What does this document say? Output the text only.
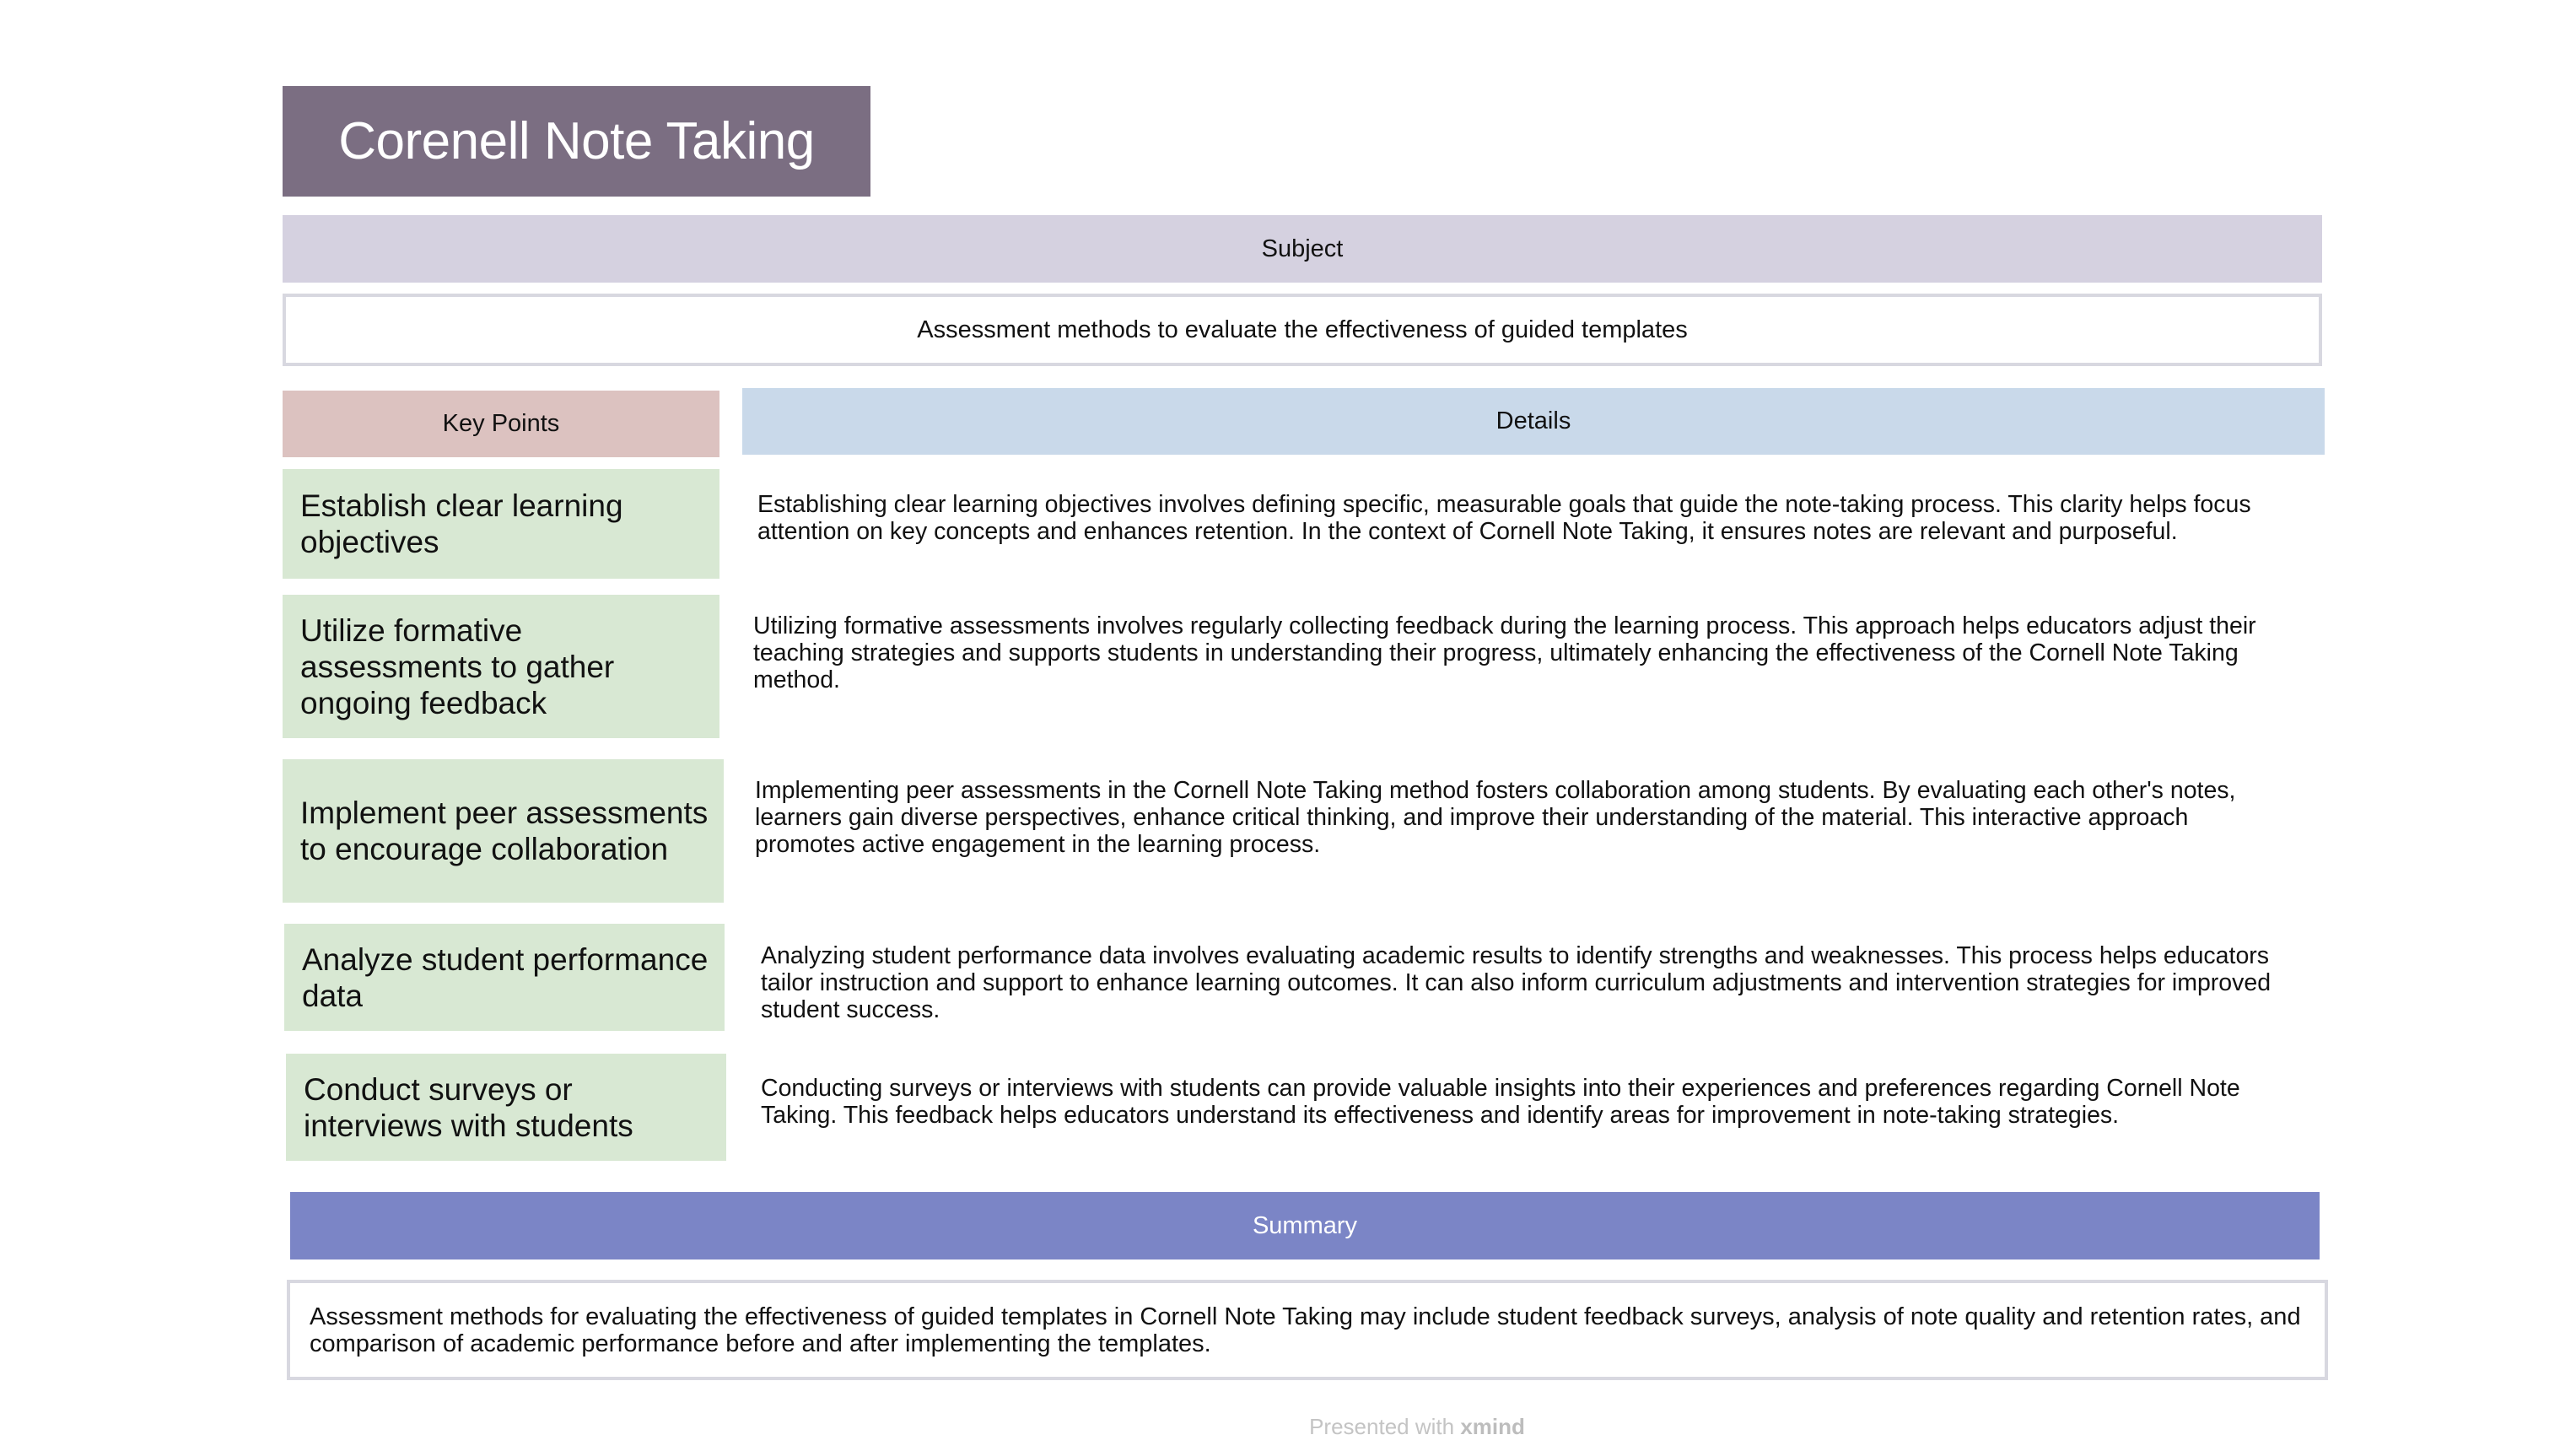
Corenell Note Taking
Subject
Assessment methods to evaluate the effectiveness of guided templates
Key Points	Details
Establish clear learning objectives
Establishing clear learning objectives involves defining specific, measurable goals that guide the note-taking process. This clarity helps focus attention on key concepts and enhances retention. In the context of Cornell Note Taking, it ensures notes are relevant and purposeful.
Utilize formative assessments to gather ongoing feedback
Utilizing formative assessments involves regularly collecting feedback during the learning process. This approach helps educators adjust their teaching strategies and supports students in understanding their progress, ultimately enhancing the effectiveness of the Cornell Note Taking method.
Implement peer assessments to encourage collaboration
Implementing peer assessments in the Cornell Note Taking method fosters collaboration among students. By evaluating each other's notes, learners gain diverse perspectives, enhance critical thinking, and improve their understanding of the material. This interactive approach promotes active engagement in the learning process.
Analyze student performance data
Analyzing student performance data involves evaluating academic results to identify strengths and weaknesses. This process helps educators tailor instruction and support to enhance learning outcomes. It can also inform curriculum adjustments and intervention strategies for improved student success.
Conduct surveys or interviews with students
Conducting surveys or interviews with students can provide valuable insights into their experiences and preferences regarding Cornell Note Taking. This feedback helps educators understand its effectiveness and identify areas for improvement in note-taking strategies.
Summary
Assessment methods for evaluating the effectiveness of guided templates in Cornell Note Taking may include student feedback surveys, analysis of note quality and retention rates, and comparison of academic performance before and after implementing the templates.
Presented with xmind
